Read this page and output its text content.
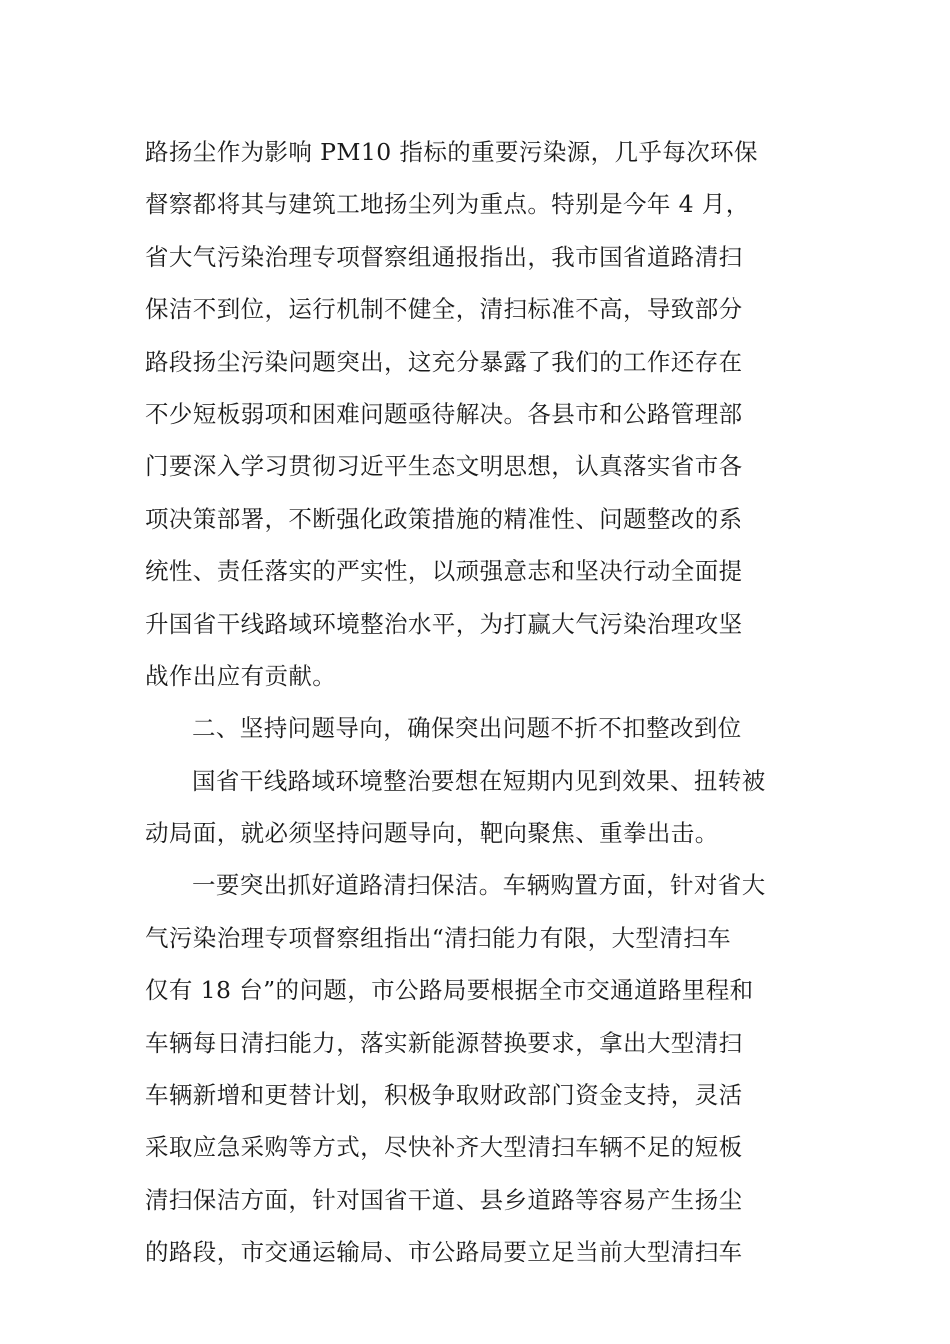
路扬尘作为影响 PM10 指标的重要污染源，几乎每次环保
督察都将其与建筑工地扬尘列为重点。特别是今年 4 月，
省大气污染治理专项督察组通报指出，我市国省道路清扫
保洁不到位，运行机制不健全，清扫标准不高，导致部分
路段扬尘污染问题突出，这充分暴露了我们的工作还存在
不少短板弱项和困难问题亟待解决。各县市和公路管理部
门要深入学习贯彻习近平生态文明思想，认真落实省市各
项决策部署，不断强化政策措施的精准性、问题整改的系
统性、责任落实的严实性，以顽强意志和坚决行动全面提
升国省干线路域环境整治水平，为打赢大气污染治理攻坚
战作出应有贡献。
二、坚持问题导向，确保突出问题不折不扣整改到位
国省干线路域环境整治要想在短期内见到效果、扭转被
动局面，就必须坚持问题导向，靶向聚焦、重拳出击。
一要突出抓好道路清扫保洁。车辆购置方面，针对省大
气污染治理专项督察组指出“清扫能力有限，大型清扫车
仅有 18 台”的问题，市公路局要根据全市交通道路里程和
车辆每日清扫能力，落实新能源替换要求，拿出大型清扫
车辆新增和更替计划，积极争取财政部门资金支持，灵活
采取应急采购等方式，尽快补齐大型清扫车辆不足的短板
清扫保洁方面，针对国省干道、县乡道路等容易产生扬尘
的路段，市交通运输局、市公路局要立足当前大型清扫车
